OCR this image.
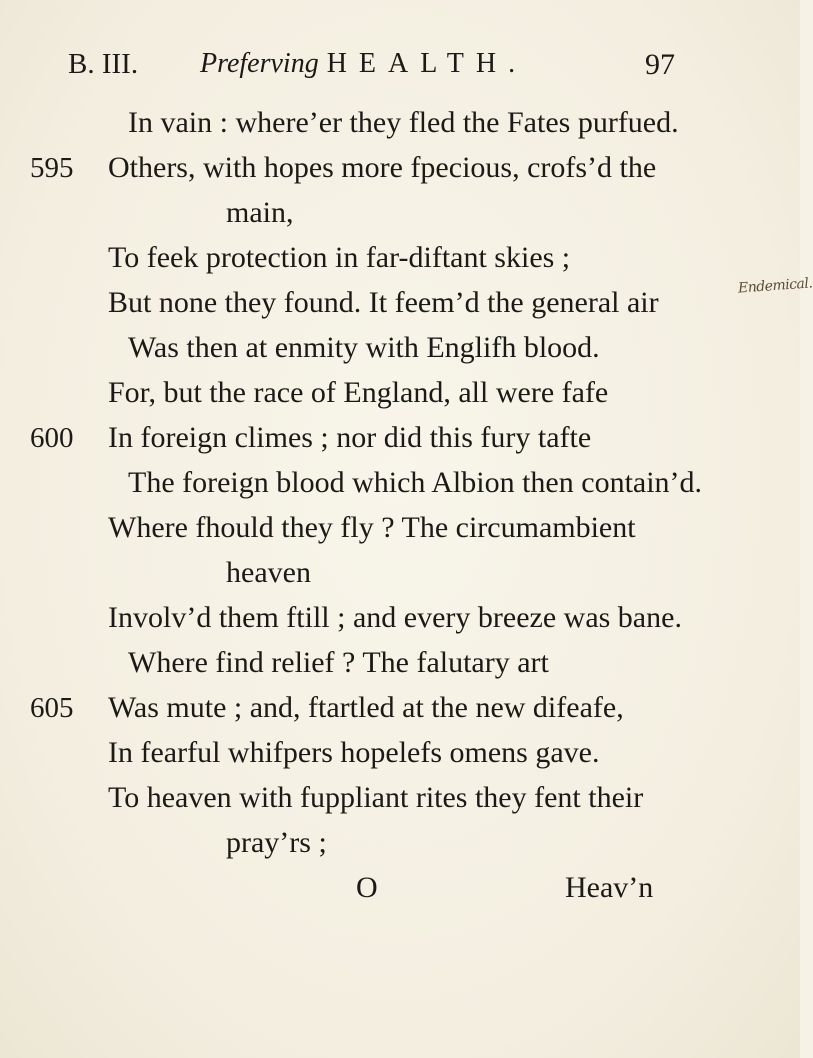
B. III. Preferving HEALTH.	97
In vain : where’er they fled the Fates purfued.
Others, with hopes more fpecious, crofs’d the
main,
To feek protection in far-diftant skies ;
But none they found. It feem’d the general air
Was then at enmity with Englifh blood.
For, but the race of England, all were fafe
In foreign climes ; nor did this fury tafte
The foreign blood which Albion then contain’d.
Where fhould they fly ? The circumambient
heaven
Involv’d them ftill ; and every breeze was bane.
Where find relief ? The falutary art
Was mute ; and, ftartled at the new difeafe,
In fearful whifpers hopelefs omens gave.
To heaven with fuppliant rites they fent their
pray’rs ;
O	Heav’n
595
600
605
Endemical.
